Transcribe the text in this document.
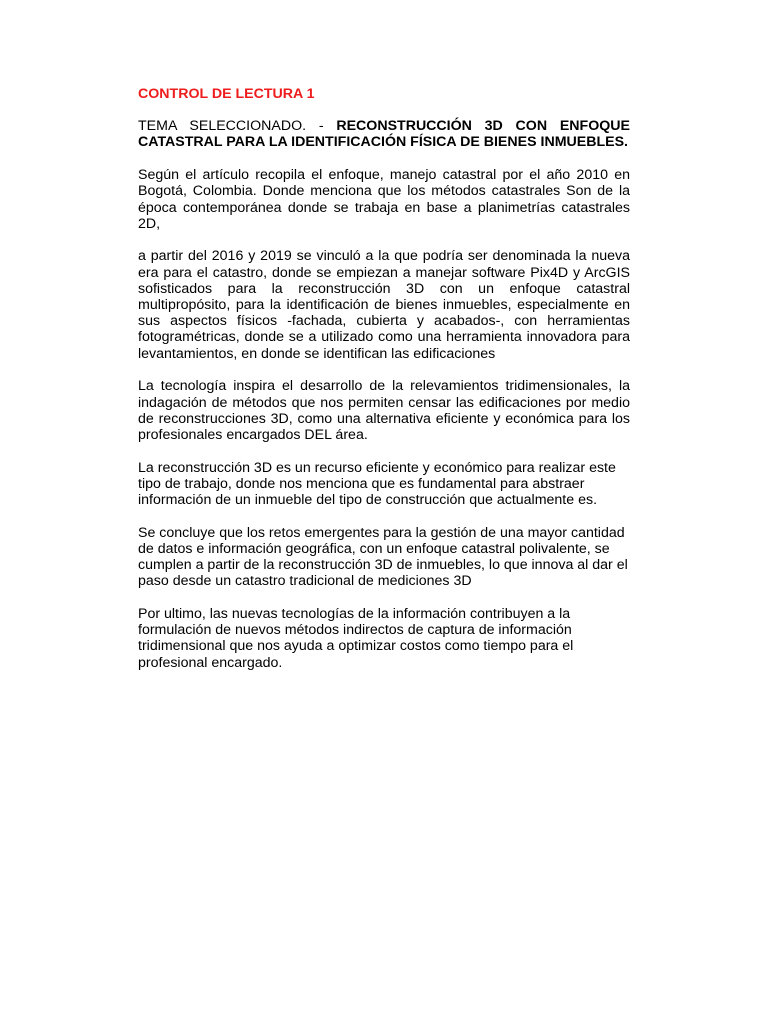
CONTROL DE LECTURA 1

TEMA SELECCIONADO. - RECONSTRUCCIÓN 3D CON ENFOQUE CATASTRAL PARA LA IDENTIFICACIÓN FÍSICA DE BIENES INMUEBLES.

Según el artículo recopila el enfoque, manejo catastral por el año 2010 en Bogotá, Colombia. Donde menciona que los métodos catastrales Son de la época contemporánea donde se trabaja en base a planimetrías catastrales 2D,

a partir del 2016 y 2019 se vinculó a la que podría ser denominada la nueva era para el catastro, donde se empiezan a manejar software Pix4D y ArcGIS sofisticados para la reconstrucción 3D con un enfoque catastral multipropósito, para la identificación de bienes inmuebles, especialmente en sus aspectos físicos -fachada, cubierta y acabados-, con herramientas fotogramétricas, donde se a utilizado como una herramienta innovadora para levantamientos, en donde se identifican las edificaciones

La tecnología inspira el desarrollo de la relevamientos tridimensionales, la indagación de métodos que nos permiten censar las edificaciones por medio de reconstrucciones 3D, como una alternativa eficiente y económica para los profesionales encargados DEL área.

La reconstrucción 3D es un recurso eficiente y económico para realizar este tipo de trabajo, donde nos menciona que es fundamental para abstraer información de un inmueble del tipo de construcción que actualmente es.

Se concluye que los retos emergentes para la gestión de una mayor cantidad de datos e información geográfica, con un enfoque catastral polivalente, se cumplen a partir de la reconstrucción 3D de inmuebles, lo que innova al dar el paso desde un catastro tradicional de mediciones 3D

Por ultimo, las nuevas tecnologías de la información contribuyen a la formulación de nuevos métodos indirectos de captura de información tridimensional que nos ayuda a optimizar costos como tiempo para el profesional encargado.
